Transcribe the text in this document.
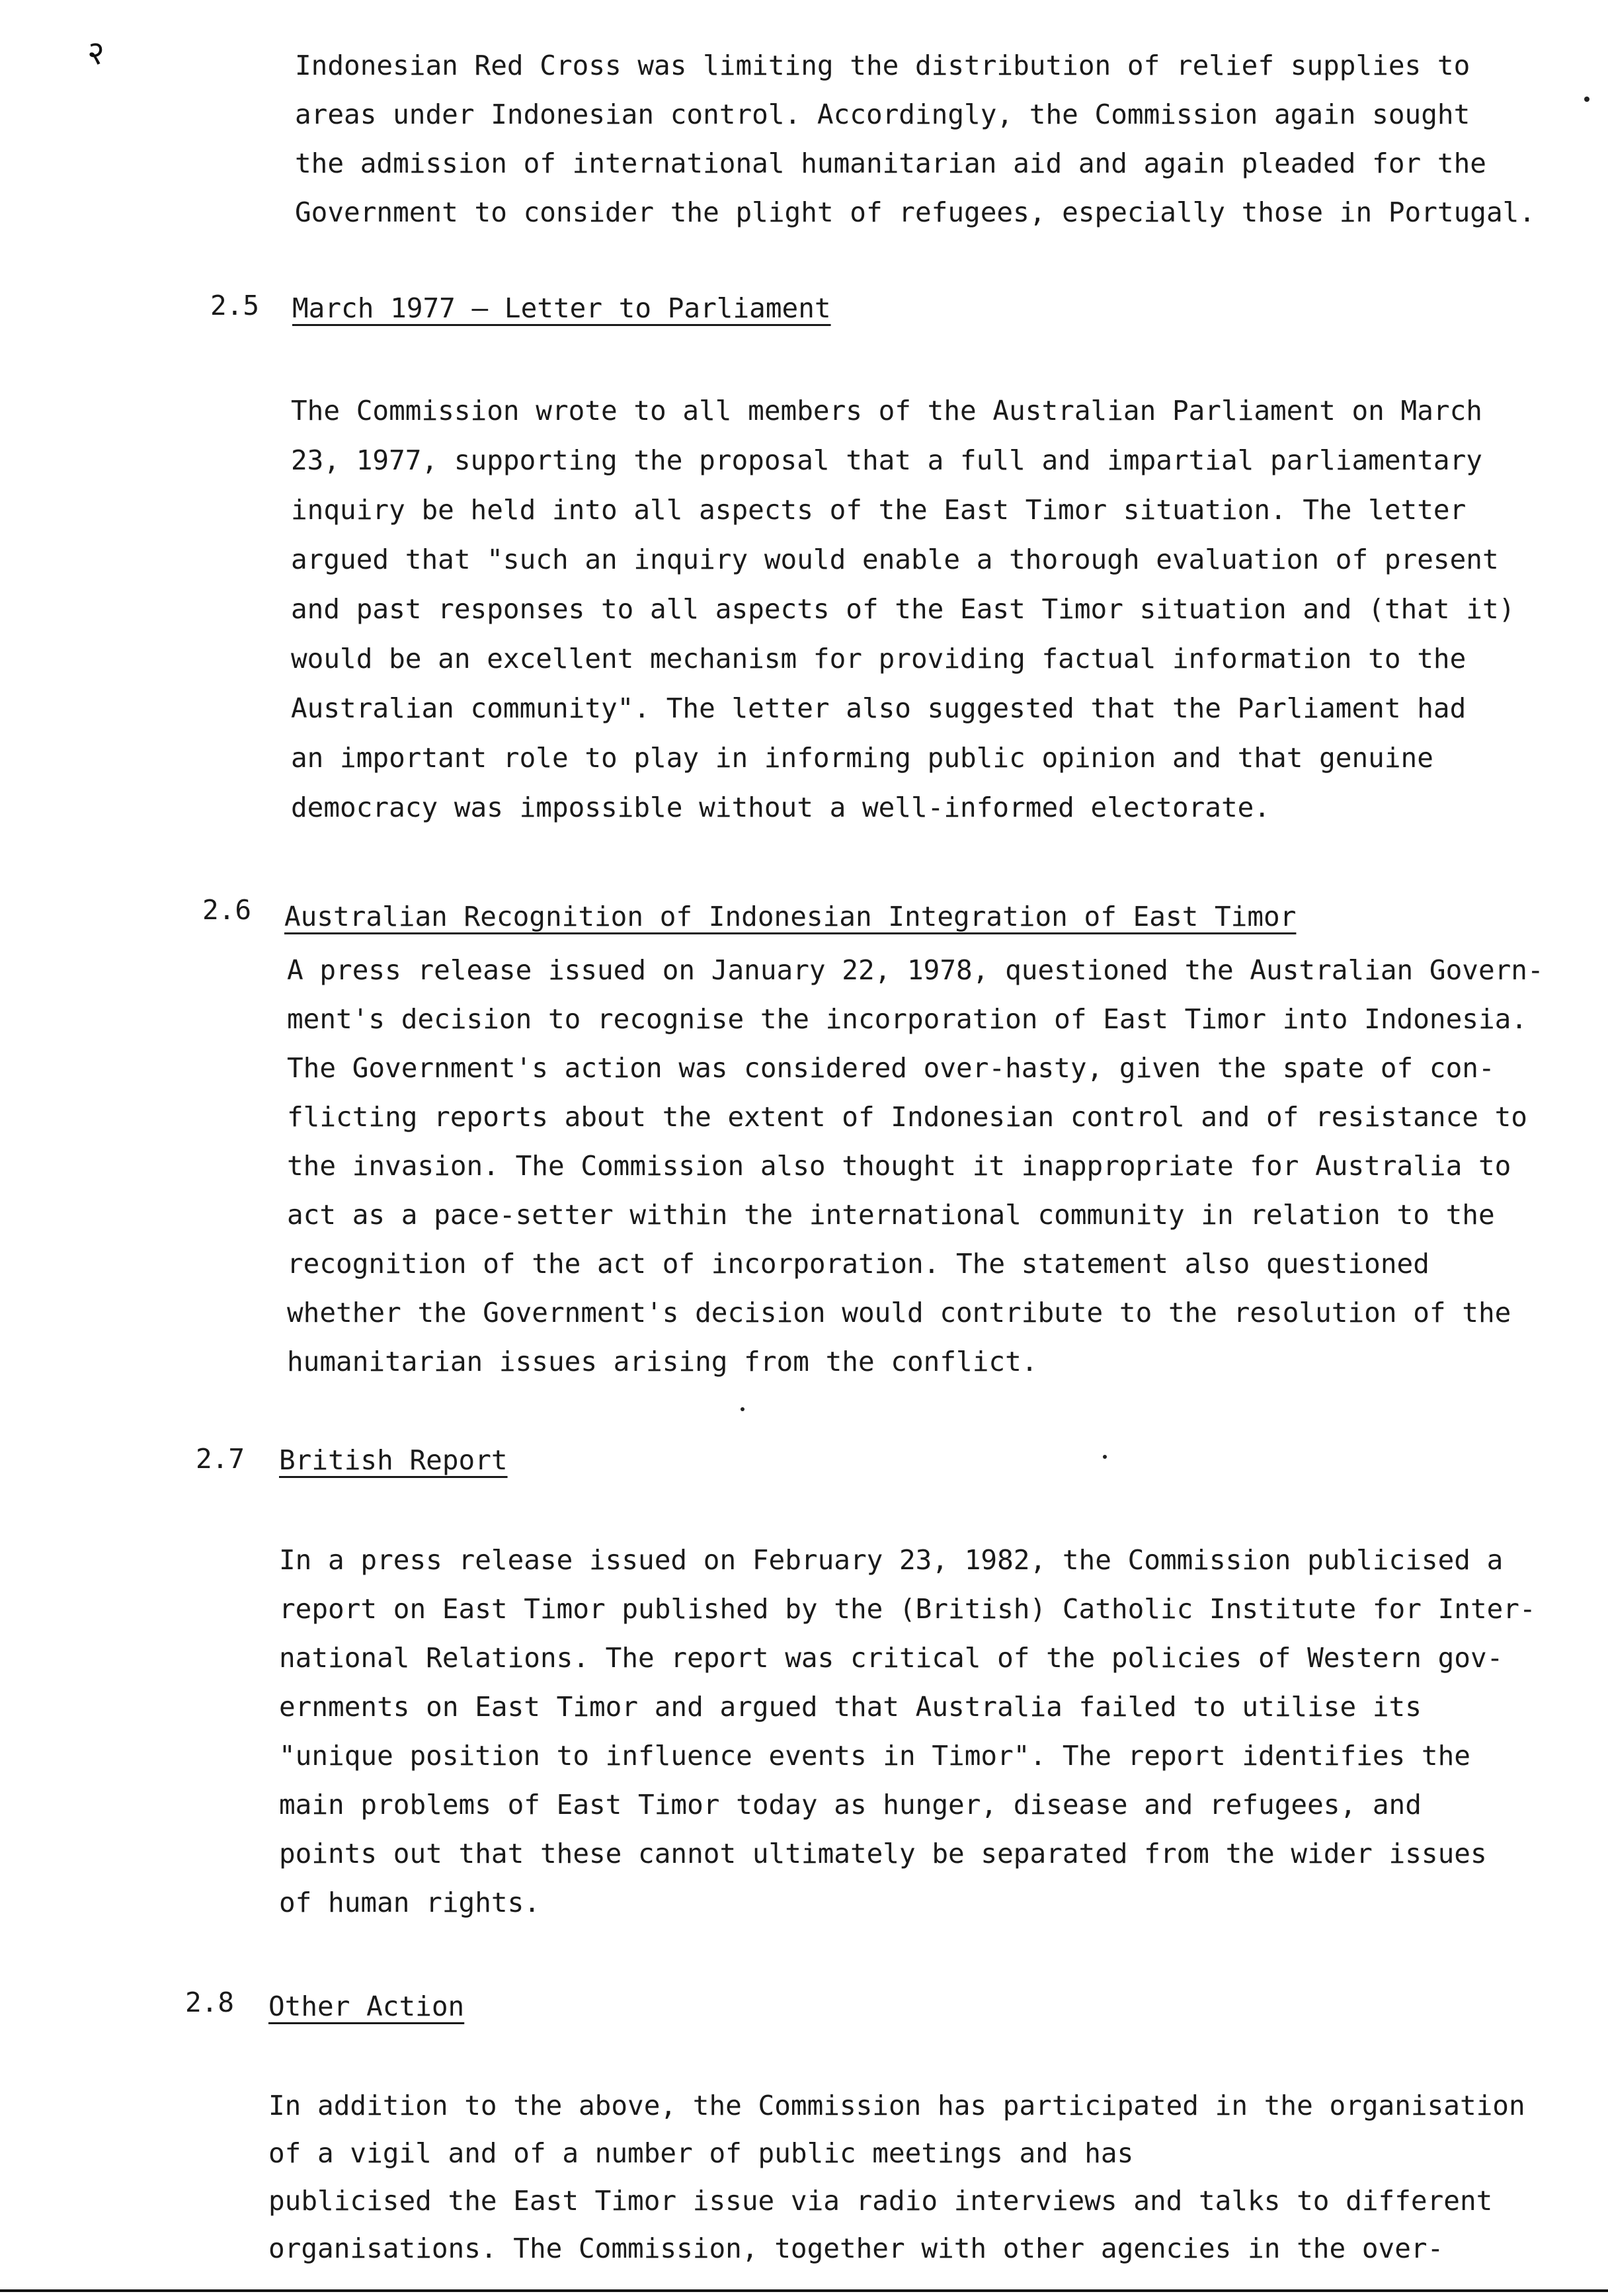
२	Indonesian Red Cross was limiting the distribution of relief supplies to
areas under Indonesian control. Accordingly, the Commission again sought
the admission of international humanitarian aid and again pleaded for the
Government to consider the plight of refugees, especially those in Portugal.
2.5 March 1977 — Letter to Parliament
The Commission wrote to all members of the Australian Parliament on March
23, 1977, supporting the proposal that a full and impartial parliamentary
inquiry be held into all aspects of the East Timor situation. The letter
argued that "such an inquiry would enable a thorough evaluation of present
and past responses to all aspects of the East Timor situation and (that it)
would be an excellent mechanism for providing factual information to the
Australian community". The letter also suggested that the Parliament had
an important role to play in informing public opinion and that genuine
democracy was impossible without a well-informed electorate.
2.6 Australian Recognition of Indonesian Integration of East Timor
A press release issued on January 22, 1978, questioned the Australian Govern-
ment's decision to recognise the incorporation of East Timor into Indonesia.
The Government's action was considered over-hasty, given the spate of con-
flicting reports about the extent of Indonesian control and of resistance to
the invasion. The Commission also thought it inappropriate for Australia to
act as a pace-setter within the international community in relation to the
recognition of the act of incorporation. The statement also questioned
whether the Government's decision would contribute to the resolution of the
humanitarian issues arising from the conflict.
2.7 British Report
In a press release issued on February 23, 1982, the Commission publicised a
report on East Timor published by the (British) Catholic Institute for Inter-
national Relations. The report was critical of the policies of Western gov-
ernments on East Timor and argued that Australia failed to utilise its
"unique position to influence events in Timor". The report identifies the
main problems of East Timor today as hunger, disease and refugees, and
points out that these cannot ultimately be separated from the wider issues
of human rights.
2.8 Other Action
In addition to the above, the Commission has participated in the organisation
of a vigil and of a number of public meetings and has
publicised the East Timor issue via radio interviews and talks to different
organisations. The Commission, together with other agencies in the over-
